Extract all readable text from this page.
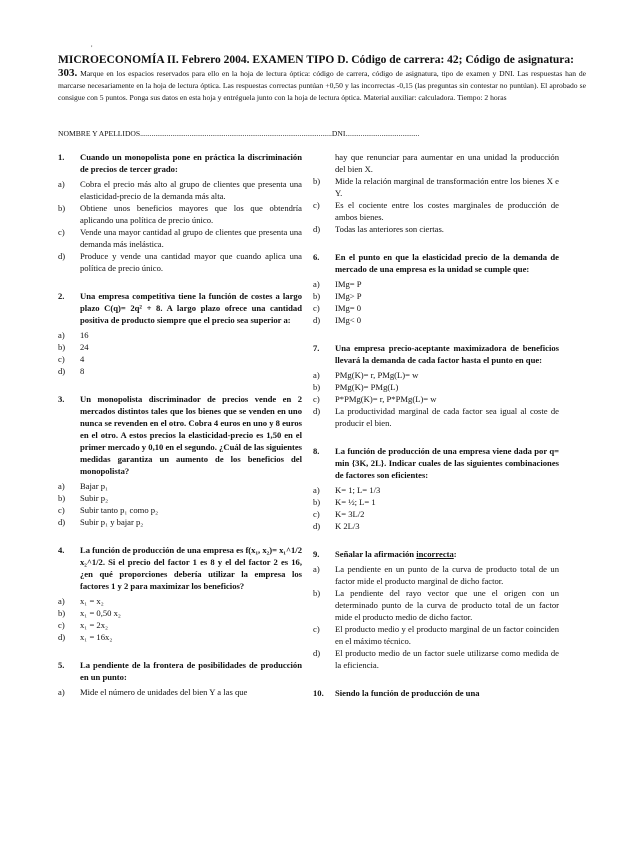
,
MICROECONOMÍA II. Febrero 2004. EXAMEN TIPO D. Código de carrera: 42; Código de asignatura:
303. Marque en los espacios reservados para ello en la hoja de lectura óptica: código de carrera, código de asignatura, tipo de examen y DNI. Las respuestas han de marcarse necesariamente en la hoja de lectura óptica. Las respuestas correctas puntúan +0,50 y las incorrectas -0,15 (las preguntas sin contestar no puntúan). El aprobado se consigue con 5 puntos. Ponga sus datos en esta hoja y entréguela junto con la hoja de lectura óptica. Material auxiliar: calculadora. Tiempo: 2 horas
NOMBRE Y APELLIDOS.....................................................................................................DNI.......................................
1.	Cuando un monopolista pone en práctica la discriminación de precios de tercer grado:
a)	Cobra el precio más alto al grupo de clientes que presenta una elasticidad-precio de la demanda más alta.
b)	Obtiene unos beneficios mayores que los que obtendría aplicando una política de precio único.
c)	Vende una mayor cantidad al grupo de clientes que presenta una demanda más inelástica.
d)	Produce y vende una cantidad mayor que cuando aplica una política de precio único.
2.	Una empresa competitiva tiene la función de costes a largo plazo C(q)= 2q² + 8. A largo plazo ofrece una cantidad positiva de producto siempre que el precio sea superior a:
a)	16
b)	24
c)	4
d)	8
3.	Un monopolista discriminador de precios vende en 2 mercados distintos tales que los bienes que se venden en uno nunca se revenden en el otro. Cobra 4 euros en uno y 8 euros en el otro. A estos precios la elasticidad-precio es 1,50 en el primer mercado y 0,10 en el segundo. ¿Cuál de las siguientes medidas garantiza un aumento de los beneficios del monopolista?
a)	Bajar p₁
b)	Subir p₂
c)	Subir tanto p₁ como p₂
d)	Subir p₁ y bajar p₂
4.	La función de producción de una empresa es f(x₁, x₂)= x₁^1/2 x₂^1/2. Si el precio del factor 1 es 8 y el del factor 2 es 16, ¿en qué proporciones debería utilizar la empresa los factores 1 y 2 para maximizar los beneficios?
a)	x₁ = x₂
b)	x₁ = 0,50 x₂
c)	x₁ = 2x₂
d)	x₁ = 16x₂
5.	La pendiente de la frontera de posibilidades de producción en un punto:
a)	Mide el número de unidades del bien Y a las que
hay que renunciar para aumentar en una unidad la producción del bien X.
b)	Mide la relación marginal de transformación entre los bienes X e Y.
c)	Es el cociente entre los costes marginales de producción de ambos bienes.
d)	Todas las anteriores son ciertas.
6.	En el punto en que la elasticidad precio de la demanda de mercado de una empresa es la unidad se cumple que:
a)	IMg= P
b)	IMg> P
c)	IMg= 0
d)	IMg< 0
7.	Una empresa precio-aceptante maximizadora de beneficios llevará la demanda de cada factor hasta el punto en que:
a)	PMg(K)= r, PMg(L)= w
b)	PMg(K)= PMg(L)
c)	P*PMg(K)= r, P*PMg(L)= w
d)	La productividad marginal de cada factor sea igual al coste de producir el bien.
8.	La función de producción de una empresa viene dada por q= min {3K, 2L}. Indicar cuales de las siguientes combinaciones de factores son eficientes:
a)	K= 1; L= 1/3
b)	K= ½; L= 1
c)	K= 3L/2
d)	K 2L/3
9.	Señalar la afirmación incorrecta:
a)	La pendiente en un punto de la curva de producto total de un factor mide el producto marginal de dicho factor.
b)	La pendiente del rayo vector que une el origen con un determinado punto de la curva de producto total de un factor mide el producto medio de dicho factor.
c)	El producto medio y el producto marginal de un factor coinciden en el máximo técnico.
d)	El producto medio de un factor suele utilizarse como medida de la eficiencia.
10.	Siendo la función de producción de una
